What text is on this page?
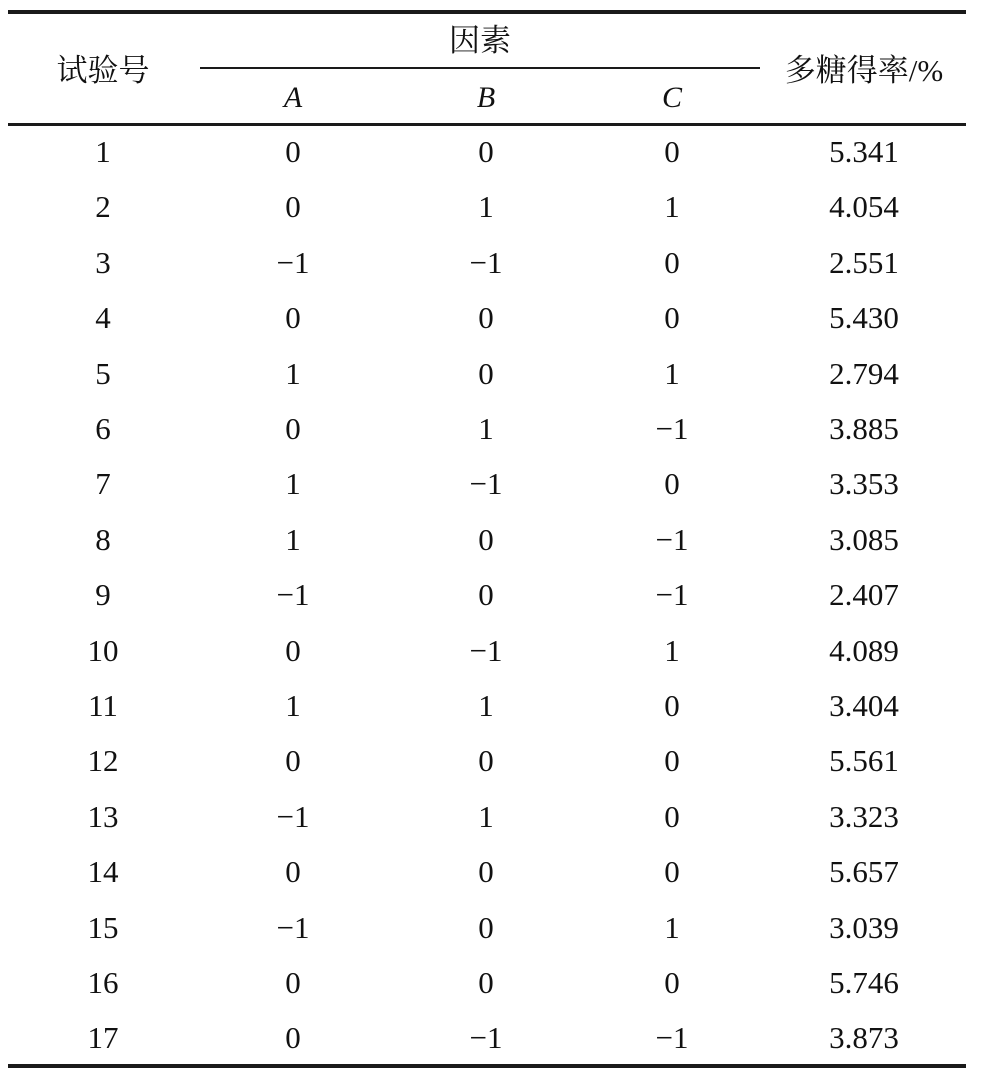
试验号
因素
A	B	C
多糖得率/%
1	0	0	0	5.341
2	0	1	1	4.054
3	−1	−1	0	2.551
4	0	0	0	5.430
5	1	0	1	2.794
6	0	1	−1	3.885
7	1	−1	0	3.353
8	1	0	−1	3.085
9	−1	0	−1	2.407
10	0	−1	1	4.089
11	1	1	0	3.404
12	0	0	0	5.561
13	−1	1	0	3.323
14	0	0	0	5.657
15	−1	0	1	3.039
16	0	0	0	5.746
17	0	−1	−1	3.873
